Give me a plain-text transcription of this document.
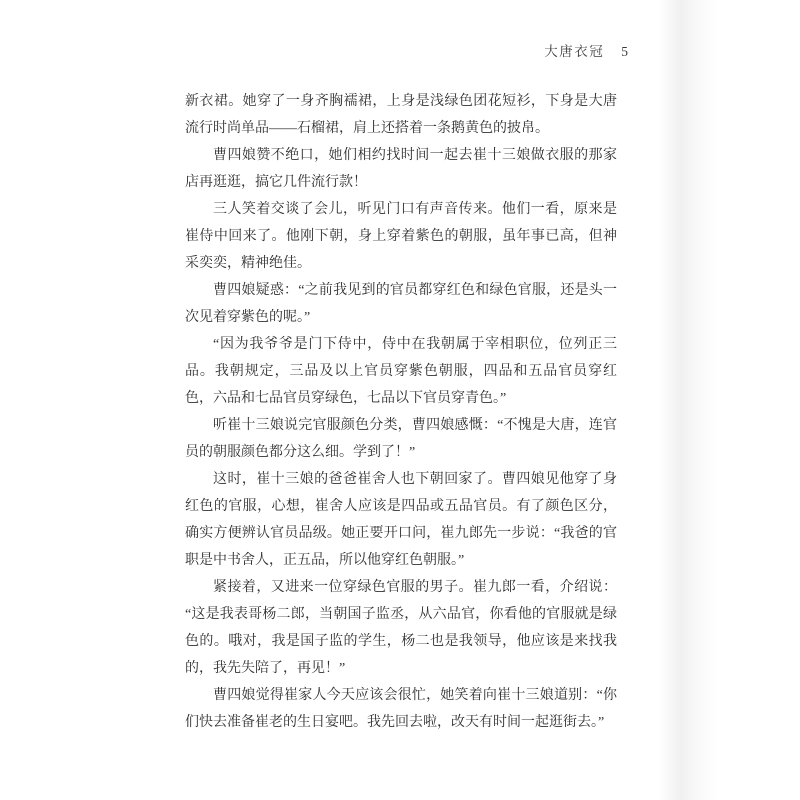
大唐衣冠 5

新衣裙。她穿了一身齐胸襦裙，上身是浅绿色团花短衫，下身是大唐流行时尚单品——石榴裙，肩上还搭着一条鹅黄色的披帛。

曹四娘赞不绝口，她们相约找时间一起去崔十三娘做衣服的那家店再逛逛，搞它几件流行款！

三人笑着交谈了会儿，听见门口有声音传来。他们一看，原来是崔侍中回来了。他刚下朝，身上穿着紫色的朝服，虽年事已高，但神采奕奕，精神绝佳。

曹四娘疑惑：“之前我见到的官员都穿红色和绿色官服，还是头一次见着穿紫色的呢。”

“因为我爷爷是门下侍中，侍中在我朝属于宰相职位，位列正三品。我朝规定，三品及以上官员穿紫色朝服，四品和五品官员穿红色，六品和七品官员穿绿色，七品以下官员穿青色。”

听崔十三娘说完官服颜色分类，曹四娘感慨：“不愧是大唐，连官员的朝服颜色都分这么细。学到了！”

这时，崔十三娘的爸爸崔舍人也下朝回家了。曹四娘见他穿了身红色的官服，心想，崔舍人应该是四品或五品官员。有了颜色区分，确实方便辨认官员品级。她正要开口问，崔九郎先一步说：“我爸的官职是中书舍人，正五品，所以他穿红色朝服。”

紧接着，又进来一位穿绿色官服的男子。崔九郎一看，介绍说：“这是我表哥杨二郎，当朝国子监丞，从六品官，你看他的官服就是绿色的。哦对，我是国子监的学生，杨二也是我领导，他应该是来找我的，我先失陪了，再见！”

曹四娘觉得崔家人今天应该会很忙，她笑着向崔十三娘道别：“你们快去准备崔老的生日宴吧。我先回去啦，改天有时间一起逛街去。”
